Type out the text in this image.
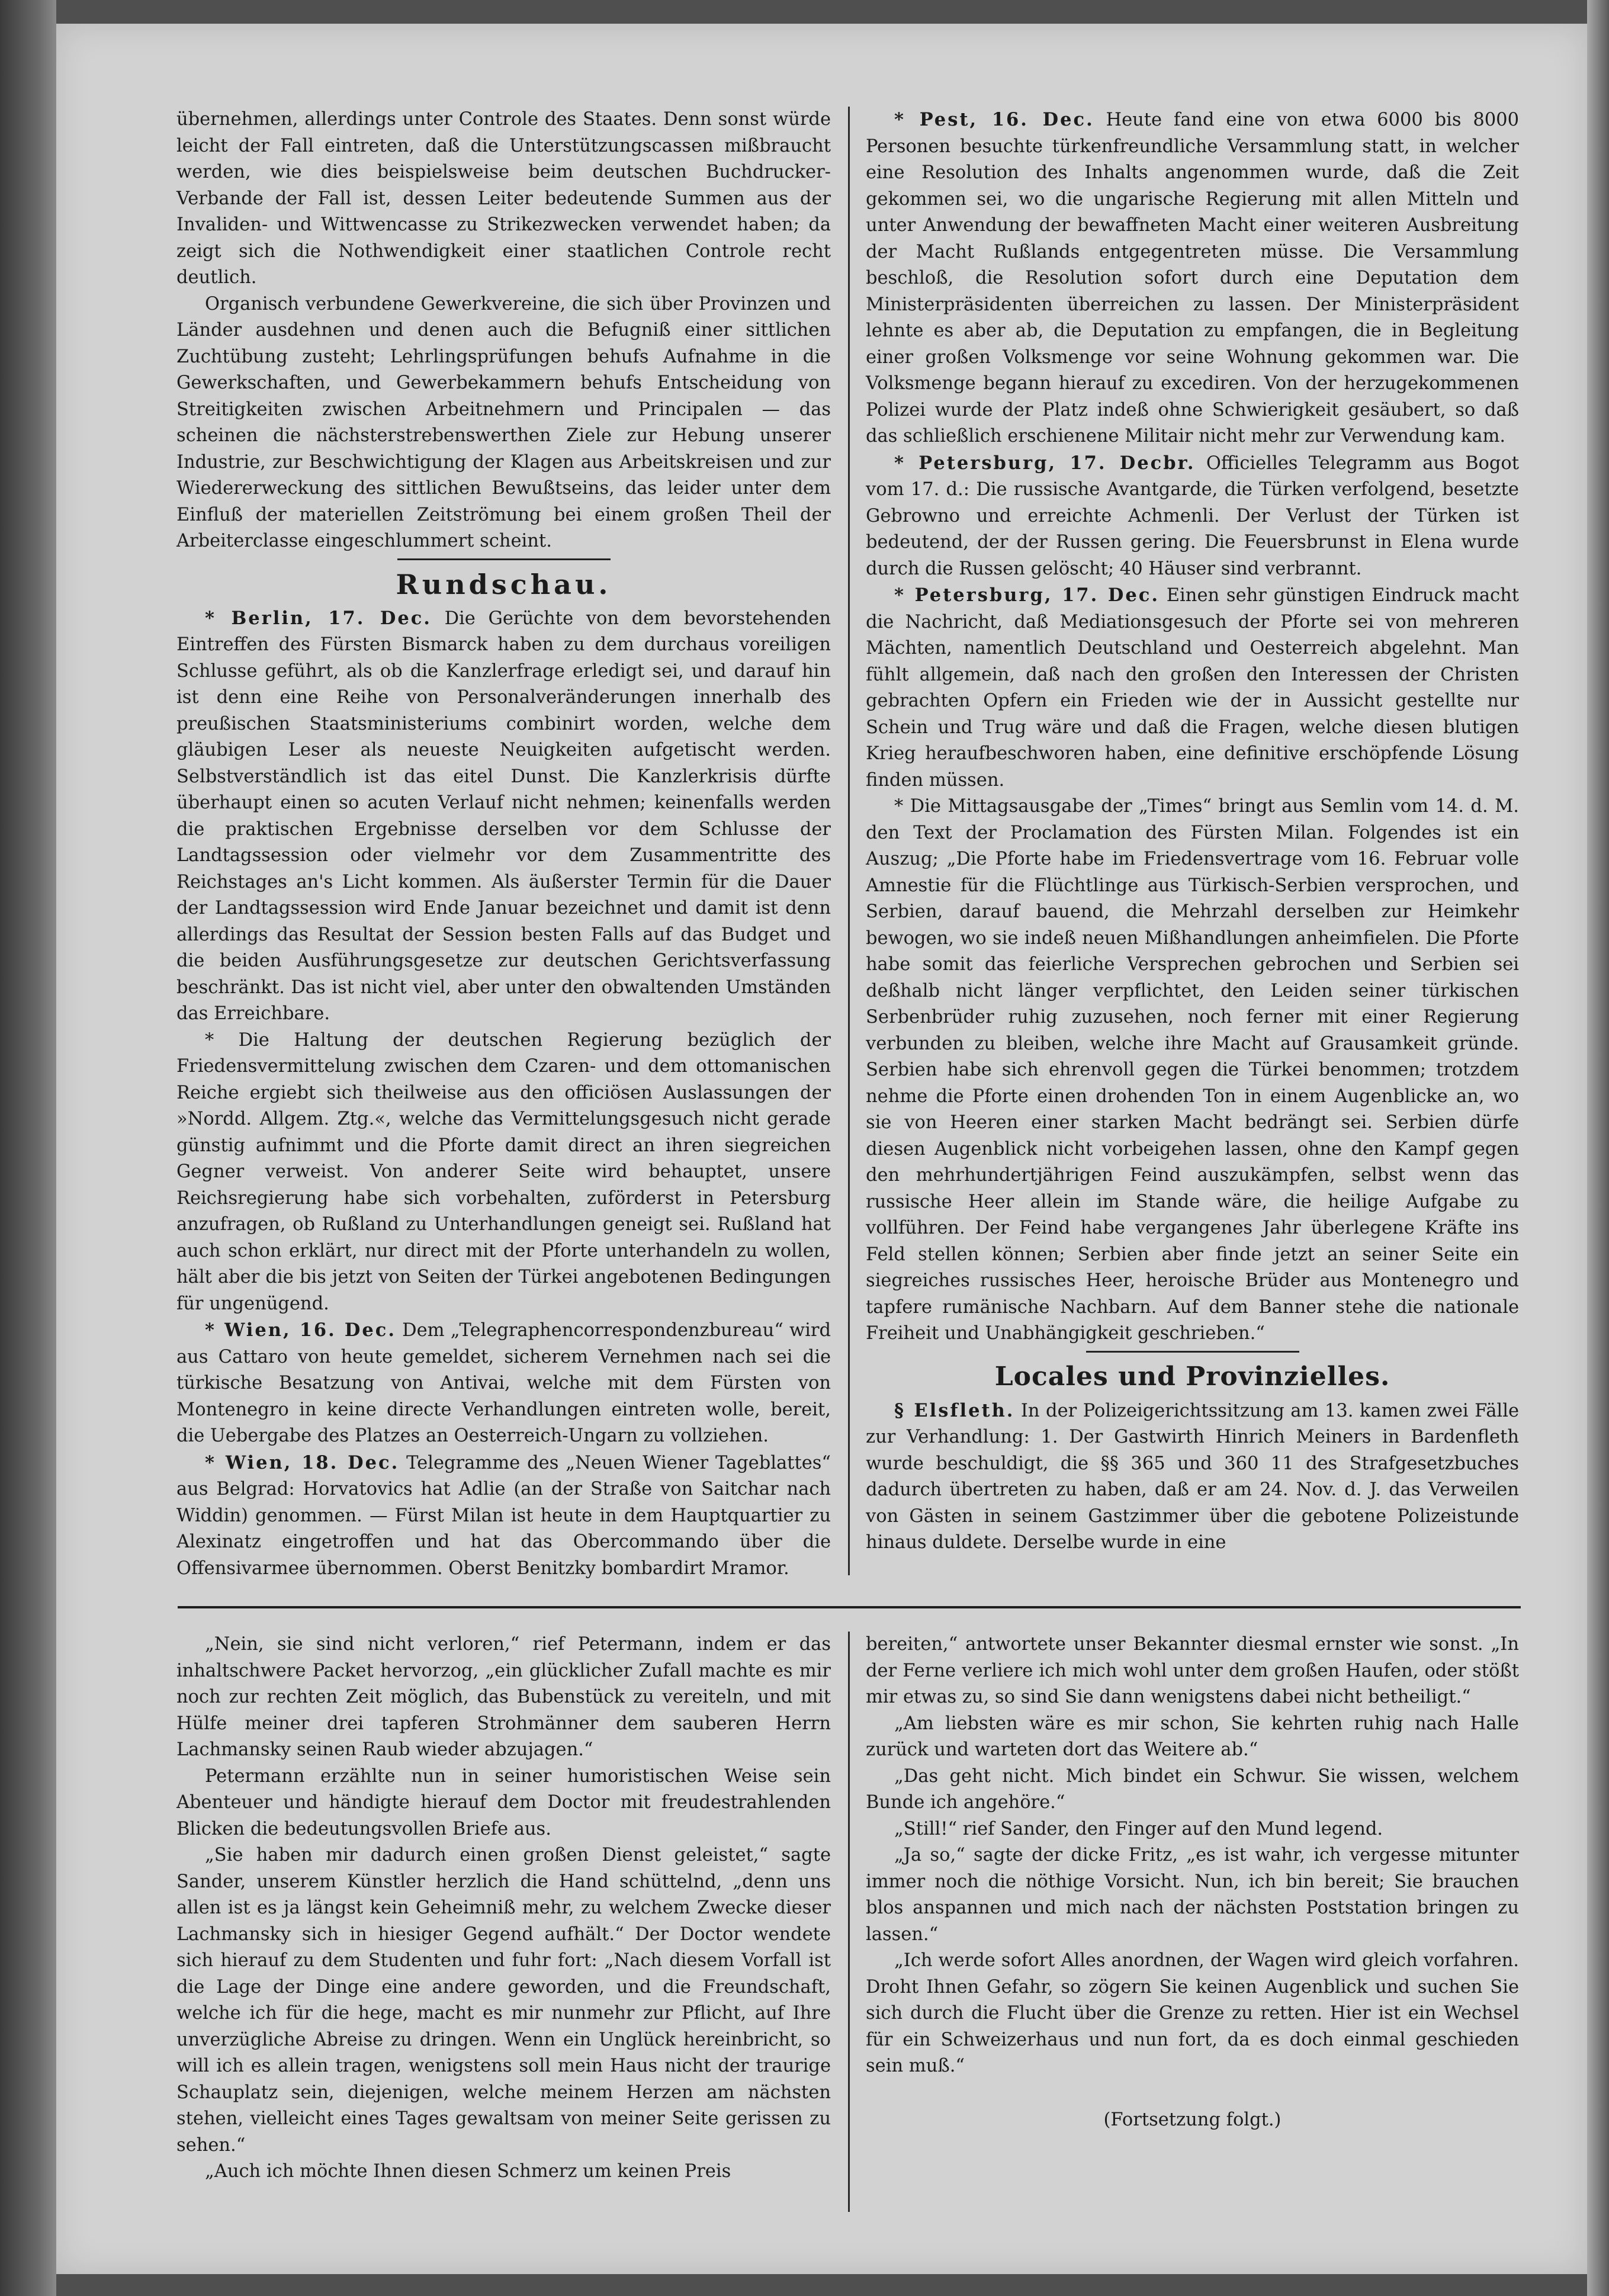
übernehmen, allerdings unter Controle des Staates. Denn sonst würde leicht der Fall eintreten, daß die Unterstützungscassen mißbraucht werden, wie dies beispielsweise beim deutschen Buchdrucker-Verbande der Fall ist, dessen Leiter bedeutende Summen aus der Invaliden- und Wittwencasse zu Strikezwecken verwendet haben; da zeigt sich die Nothwendigkeit einer staatlichen Controle recht deutlich.

Organisch verbundene Gewerkvereine, die sich über Provinzen und Länder ausdehnen und denen auch die Befugniß einer sittlichen Zuchtübung zusteht; Lehrlingsprüfungen behufs Aufnahme in die Gewerkschaften, und Gewerbekammern behufs Entscheidung von Streitigkeiten zwischen Arbeitnehmern und Principalen — das scheinen die nächsterstrebenswerthen Ziele zur Hebung unserer Industrie, zur Beschwichtigung der Klagen aus Arbeitskreisen und zur Wiedererweckung des sittlichen Bewußtseins, das leider unter dem Einfluß der materiellen Zeitströmung bei einem großen Theil der Arbeiterclasse eingeschlummert scheint.

Rundschau.

* Berlin, 17. Dec. Die Gerüchte von dem bevorstehenden Eintreffen des Fürsten Bismarck haben zu dem durchaus voreiligen Schlusse geführt, als ob die Kanzlerfrage erledigt sei, und darauf hin ist denn eine Reihe von Personalveränderungen innerhalb des preußischen Staatsministeriums combinirt worden, welche dem gläubigen Leser als neueste Neuigkeiten aufgetischt werden. Selbstverständlich ist das eitel Dunst. Die Kanzlerkrisis dürfte überhaupt einen so acuten Verlauf nicht nehmen; keinenfalls werden die praktischen Ergebnisse derselben vor dem Schlusse der Landtagssession oder vielmehr vor dem Zusammentritte des Reichstages an's Licht kommen. Als äußerster Termin für die Dauer der Landtagssession wird Ende Januar bezeichnet und damit ist denn allerdings das Resultat der Session besten Falls auf das Budget und die beiden Ausführungsgesetze zur deutschen Gerichtsverfassung beschränkt. Das ist nicht viel, aber unter den obwaltenden Umständen das Erreichbare.

* Die Haltung der deutschen Regierung bezüglich der Friedensvermittelung zwischen dem Czaren- und dem ottomanischen Reiche ergiebt sich theilweise aus den officiösen Auslassungen der »Nordd. Allgem. Ztg.«, welche das Vermittelungsgesuch nicht gerade günstig aufnimmt und die Pforte damit direct an ihren siegreichen Gegner verweist. Von anderer Seite wird behauptet, unsere Reichsregierung habe sich vorbehalten, zuförderst in Petersburg anzufragen, ob Rußland zu Unterhandlungen geneigt sei. Rußland hat auch schon erklärt, nur direct mit der Pforte unterhandeln zu wollen, hält aber die bis jetzt von Seiten der Türkei angebotenen Bedingungen für ungenügend.

* Wien, 16. Dec. Dem „Telegraphencorrespondenzbureau“ wird aus Cattaro von heute gemeldet, sicherem Vernehmen nach sei die türkische Besatzung von Antivai, welche mit dem Fürsten von Montenegro in keine directe Verhandlungen eintreten wolle, bereit, die Uebergabe des Platzes an Oesterreich-Ungarn zu vollziehen.

* Wien, 18. Dec. Telegramme des „Neuen Wiener Tageblattes“ aus Belgrad: Horvatovics hat Adlie (an der Straße von Saitchar nach Widdin) genommen. — Fürst Milan ist heute in dem Hauptquartier zu Alexinatz eingetroffen und hat das Obercommando über die Offensivarmee übernommen. Oberst Benitzky bombardirt Mramor.

* Pest, 16. Dec. Heute fand eine von etwa 6000 bis 8000 Personen besuchte türkenfreundliche Versammlung statt, in welcher eine Resolution des Inhalts angenommen wurde, daß die Zeit gekommen sei, wo die ungarische Regierung mit allen Mitteln und unter Anwendung der bewaffneten Macht einer weiteren Ausbreitung der Macht Rußlands entgegentreten müsse. Die Versammlung beschloß, die Resolution sofort durch eine Deputation dem Ministerpräsidenten überreichen zu lassen. Der Ministerpräsident lehnte es aber ab, die Deputation zu empfangen, die in Begleitung einer großen Volksmenge vor seine Wohnung gekommen war. Die Volksmenge begann hierauf zu excediren. Von der herzugekommenen Polizei wurde der Platz indeß ohne Schwierigkeit gesäubert, so daß das schließlich erschienene Militair nicht mehr zur Verwendung kam.

* Petersburg, 17. Decbr. Officielles Telegramm aus Bogot vom 17. d.: Die russische Avantgarde, die Türken verfolgend, besetzte Gebrowno und erreichte Achmenli. Der Verlust der Türken ist bedeutend, der der Russen gering. Die Feuersbrunst in Elena wurde durch die Russen gelöscht; 40 Häuser sind verbrannt.

* Petersburg, 17. Dec. Einen sehr günstigen Eindruck macht die Nachricht, daß Mediationsgesuch der Pforte sei von mehreren Mächten, namentlich Deutschland und Oesterreich abgelehnt. Man fühlt allgemein, daß nach den großen den Interessen der Christen gebrachten Opfern ein Frieden wie der in Aussicht gestellte nur Schein und Trug wäre und daß die Fragen, welche diesen blutigen Krieg heraufbeschworen haben, eine definitive erschöpfende Lösung finden müssen.

* Die Mittagsausgabe der „Times“ bringt aus Semlin vom 14. d. M. den Text der Proclamation des Fürsten Milan. Folgendes ist ein Auszug; „Die Pforte habe im Friedensvertrage vom 16. Februar volle Amnestie für die Flüchtlinge aus Türkisch-Serbien versprochen, und Serbien, darauf bauend, die Mehrzahl derselben zur Heimkehr bewogen, wo sie indeß neuen Mißhandlungen anheimfielen. Die Pforte habe somit das feierliche Versprechen gebrochen und Serbien sei deßhalb nicht länger verpflichtet, den Leiden seiner türkischen Serbenbrüder ruhig zuzusehen, noch ferner mit einer Regierung verbunden zu bleiben, welche ihre Macht auf Grausamkeit gründe. Serbien habe sich ehrenvoll gegen die Türkei benommen; trotzdem nehme die Pforte einen drohenden Ton in einem Augenblicke an, wo sie von Heeren einer starken Macht bedrängt sei. Serbien dürfe diesen Augenblick nicht vorbeigehen lassen, ohne den Kampf gegen den mehrhundertjährigen Feind auszukämpfen, selbst wenn das russische Heer allein im Stande wäre, die heilige Aufgabe zu vollführen. Der Feind habe vergangenes Jahr überlegene Kräfte ins Feld stellen können; Serbien aber finde jetzt an seiner Seite ein siegreiches russisches Heer, heroische Brüder aus Montenegro und tapfere rumänische Nachbarn. Auf dem Banner stehe die nationale Freiheit und Unabhängigkeit geschrieben.“

Locales und Provinzielles.

§ Elsfleth. In der Polizeigerichtssitzung am 13. kamen zwei Fälle zur Verhandlung: 1. Der Gastwirth Hinrich Meiners in Bardenfleth wurde beschuldigt, die §§ 365 und 360 11 des Strafgesetzbuches dadurch übertreten zu haben, daß er am 24. Nov. d. J. das Verweilen von Gästen in seinem Gastzimmer über die gebotene Polizeistunde hinaus duldete. Derselbe wurde in eine

„Nein, sie sind nicht verloren,“ rief Petermann, indem er das inhaltschwere Packet hervorzog, „ein glücklicher Zufall machte es mir noch zur rechten Zeit möglich, das Bubenstück zu vereiteln, und mit Hülfe meiner drei tapferen Strohmänner dem sauberen Herrn Lachmansky seinen Raub wieder abzujagen.“

Petermann erzählte nun in seiner humoristischen Weise sein Abenteuer und händigte hierauf dem Doctor mit freudestrahlenden Blicken die bedeutungsvollen Briefe aus.

„Sie haben mir dadurch einen großen Dienst geleistet,“ sagte Sander, unserem Künstler herzlich die Hand schüttelnd, „denn uns allen ist es ja längst kein Geheimniß mehr, zu welchem Zwecke dieser Lachmansky sich in hiesiger Gegend aufhält.“ Der Doctor wendete sich hierauf zu dem Studenten und fuhr fort: „Nach diesem Vorfall ist die Lage der Dinge eine andere geworden, und die Freundschaft, welche ich für die hege, macht es mir nunmehr zur Pflicht, auf Ihre unverzügliche Abreise zu dringen. Wenn ein Unglück hereinbricht, so will ich es allein tragen, wenigstens soll mein Haus nicht der traurige Schauplatz sein, diejenigen, welche meinem Herzen am nächsten stehen, vielleicht eines Tages gewaltsam von meiner Seite gerissen zu sehen.“

„Auch ich möchte Ihnen diesen Schmerz um keinen Preis

bereiten,“ antwortete unser Bekannter diesmal ernster wie sonst. „In der Ferne verliere ich mich wohl unter dem großen Haufen, oder stößt mir etwas zu, so sind Sie dann wenigstens dabei nicht betheiligt.“

„Am liebsten wäre es mir schon, Sie kehrten ruhig nach Halle zurück und warteten dort das Weitere ab.“

„Das geht nicht. Mich bindet ein Schwur. Sie wissen, welchem Bunde ich angehöre.“

„Still!“ rief Sander, den Finger auf den Mund legend.

„Ja so,“ sagte der dicke Fritz, „es ist wahr, ich vergesse mitunter immer noch die nöthige Vorsicht. Nun, ich bin bereit; Sie brauchen blos anspannen und mich nach der nächsten Poststation bringen zu lassen.“

„Ich werde sofort Alles anordnen, der Wagen wird gleich vorfahren. Droht Ihnen Gefahr, so zögern Sie keinen Augenblick und suchen Sie sich durch die Flucht über die Grenze zu retten. Hier ist ein Wechsel für ein Schweizerhaus und nun fort, da es doch einmal geschieden sein muß.“

(Fortsetzung folgt.)
